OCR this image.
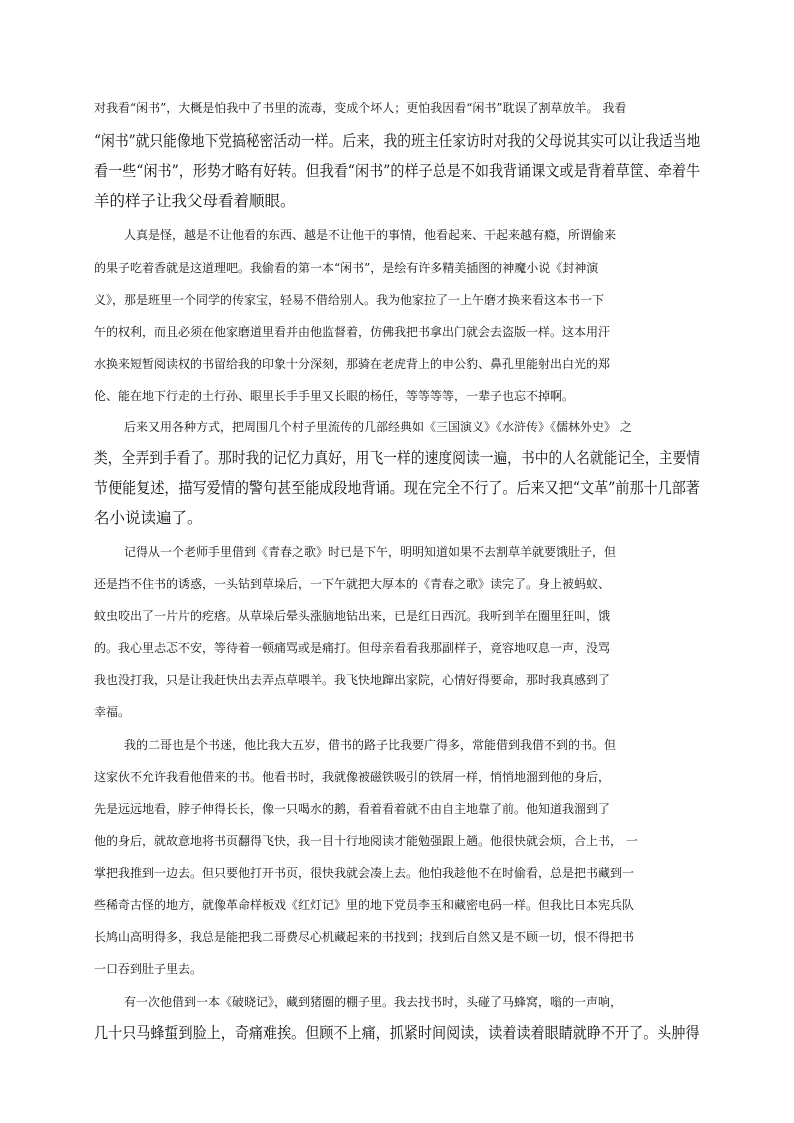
对我看“闲书”，大概是怕我中了书里的流毒，变成个坏人；更怕我因看“闲书”耽误了割草放羊。 我看
“闲书”就只能像地下党搞秘密活动一样。后来，我的班主任家访时对我的父母说其实可以让我适当地
看一些“闲书”，形势才略有好转。但我看“闲书”的样子总是不如我背诵课文或是背着草筐、牵着牛
羊的样子让我父母看着顺眼。
人真是怪，越是不让他看的东西、越是不让他干的事情，他看起来、干起来越有瘾，所谓偷来
的果子吃着香就是这道理吧。我偷看的第一本“闲书”，是绘有许多精美插图的神魔小说《封神演
义》，那是班里一个同学的传家宝，轻易不借给别人。我为他家拉了一上午磨才换来看这本书一下
午的权利，而且必须在他家磨道里看并由他监督着，仿佛我把书拿出门就会去盗版一样。这本用汗
水换来短暂阅读权的书留给我的印象十分深刻，那骑在老虎背上的申公豹、鼻孔里能射出白光的郑
伦、能在地下行走的土行孙、眼里长手手里又长眼的杨任，等等等等，一辈子也忘不掉啊。
后来又用各种方式，把周围几个村子里流传的几部经典如《三国演义》《水浒传》《儒林外史》 之
类，全弄到手看了。那时我的记忆力真好，用飞一样的速度阅读一遍，书中的人名就能记全，主要情
节便能复述，描写爱情的警句甚至能成段地背诵。现在完全不行了。后来又把“文革”前那十几部著
名小说读遍了。
记得从一个老师手里借到《青春之歌》时已是下午，明明知道如果不去割草羊就要饿肚子，但
还是挡不住书的诱惑，一头钻到草垛后，一下午就把大厚本的《青春之歌》读完了。身上被蚂蚁、
蚊虫咬出了一片片的疙瘩。从草垛后晕头涨脑地钻出来，已是红日西沉。我听到羊在圈里狂叫，饿
的。我心里忐忑不安，等待着一顿痛骂或是痛打。但母亲看看我那副样子，竟容地叹息一声，没骂
我也没打我，只是让我赶快出去弄点草喂羊。我飞快地蹿出家院，心情好得要命，那时我真感到了
幸福。
我的二哥也是个书迷，他比我大五岁，借书的路子比我要广得多，常能借到我借不到的书。但
这家伙不允许我看他借来的书。他看书时，我就像被磁铁吸引的铁屑一样，悄悄地溜到他的身后，
先是远远地看，脖子伸得长长，像一只喝水的鹅，看着看着就不由自主地靠了前。他知道我溜到了
他的身后，就故意地将书页翻得飞快，我一目十行地阅读才能勉强跟上趟。他很快就会烦，合上书， 一
掌把我推到一边去。但只要他打开书页，很快我就会凑上去。他怕我趁他不在时偷看，总是把书藏到一
些稀奇古怪的地方，就像革命样板戏《红灯记》里的地下党员李玉和藏密电码一样。但我比日本宪兵队
长鸠山高明得多，我总是能把我二哥费尽心机藏起来的书找到；找到后自然又是不顾一切，恨不得把书
一口吞到肚子里去。
有一次他借到一本《破晓记》，藏到猪圈的棚子里。我去找书时，头碰了马蜂窝，嗡的一声响，
几十只马蜂蜇到脸上，奇痛难挨。但顾不上痛，抓紧时间阅读，读着读着眼睛就睁不开了。头肿得
